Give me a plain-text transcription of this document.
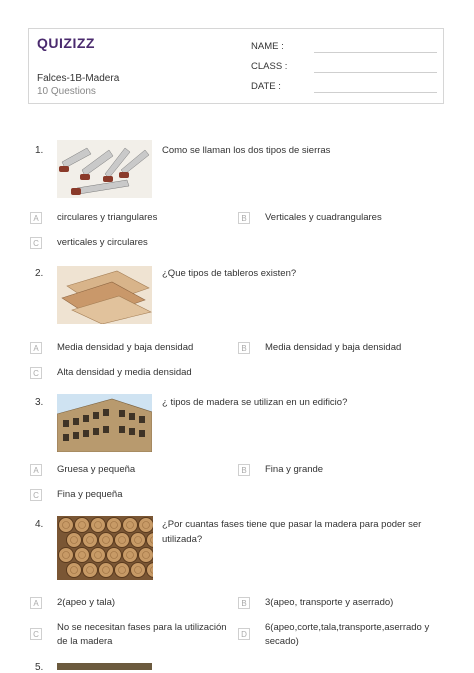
QUIZIZZ
Falces-1B-Madera
10 Questions
NAME :
CLASS :
DATE :
1.	Como se llaman los dos tipos de sierras
A	circulares y triangulares	B	Verticales y cuadrangulares
C	verticales y circulares
2.	¿Que tipos de tableros existen?
A	Media densidad y baja densidad	B	Media densidad y baja densidad
C	Alta densidad y media densidad
3.	¿ tipos de madera se utilizan en un edificio?
A	Gruesa y pequeña	B	Fina y grande
C	Fina y pequeña
4.	¿Por cuantas fases tiene que pasar la madera para poder ser
utilizada?
A	2(apeo y tala)	B	3(apeo, transporte y aserrado)
C
No se necesitan fases para la utilización
de la madera
D
6(apeo,corte,tala,transporte,aserrado y
secado)
5.
